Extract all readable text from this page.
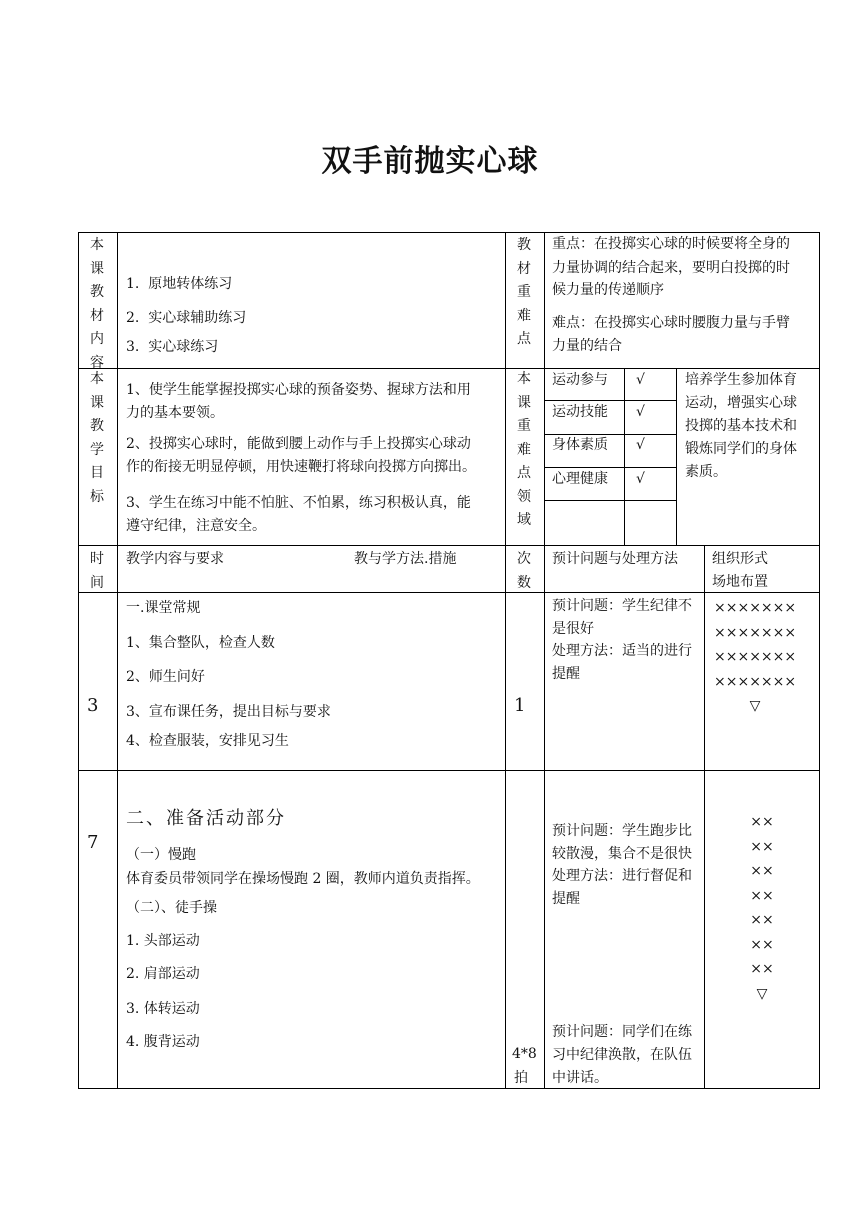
双手前抛实心球
本
课
教
材
内
容
1.  原地转体练习
2.  实心球辅助练习
3.  实心球练习
教
材
重
难
点
重点：在投掷实心球的时候要将全身的
力量协调的结合起来，要明白投掷的时
候力量的传递顺序
难点：在投掷实心球时腰腹力量与手臂
力量的结合
本
课
教
学
目
标
1、使学生能掌握投掷实心球的预备姿势、握球方法和用
力的基本要领。
2、投掷实心球时，能做到腰上动作与手上投掷实心球动
作的衔接无明显停顿，用快速鞭打将球向投掷方向掷出。
3、学生在练习中能不怕脏、不怕累，练习积极认真，能
遵守纪律，注意安全。
本
课
重
难
点
领
域
运动参与 √
运动技能 √
身体素质 √
心理健康 √
培养学生参加体育
运动，增强实心球
投掷的基本技术和
锻炼同学们的身体
素质。
时
间
教学内容与要求	教与学方法.措施	次
数
预计问题与处理方法 组织形式
场地布置
3
一.课堂常规
1、集合整队，检查人数
2、师生问好
3、宣布课任务，提出目标与要求
4、检查服装，安排见习生
1
预计问题：学生纪律不
是很好
处理方法：适当的进行
提醒
×××××××
×××××××
×××××××
×××××××
▽
7
二、准备活动部分
（一）慢跑
体育委员带领同学在操场慢跑 2 圈，教师内道负责指挥。
（二）、徒手操
1. 头部运动
2. 肩部运动
3. 体转运动
4. 腹背运动
4*8
拍
预计问题：学生跑步比
较散漫，集合不是很快
处理方法：进行督促和
提醒
预计问题：同学们在练
习中纪律涣散，在队伍
中讲话。
××
××
××
××
××
××
××
▽
